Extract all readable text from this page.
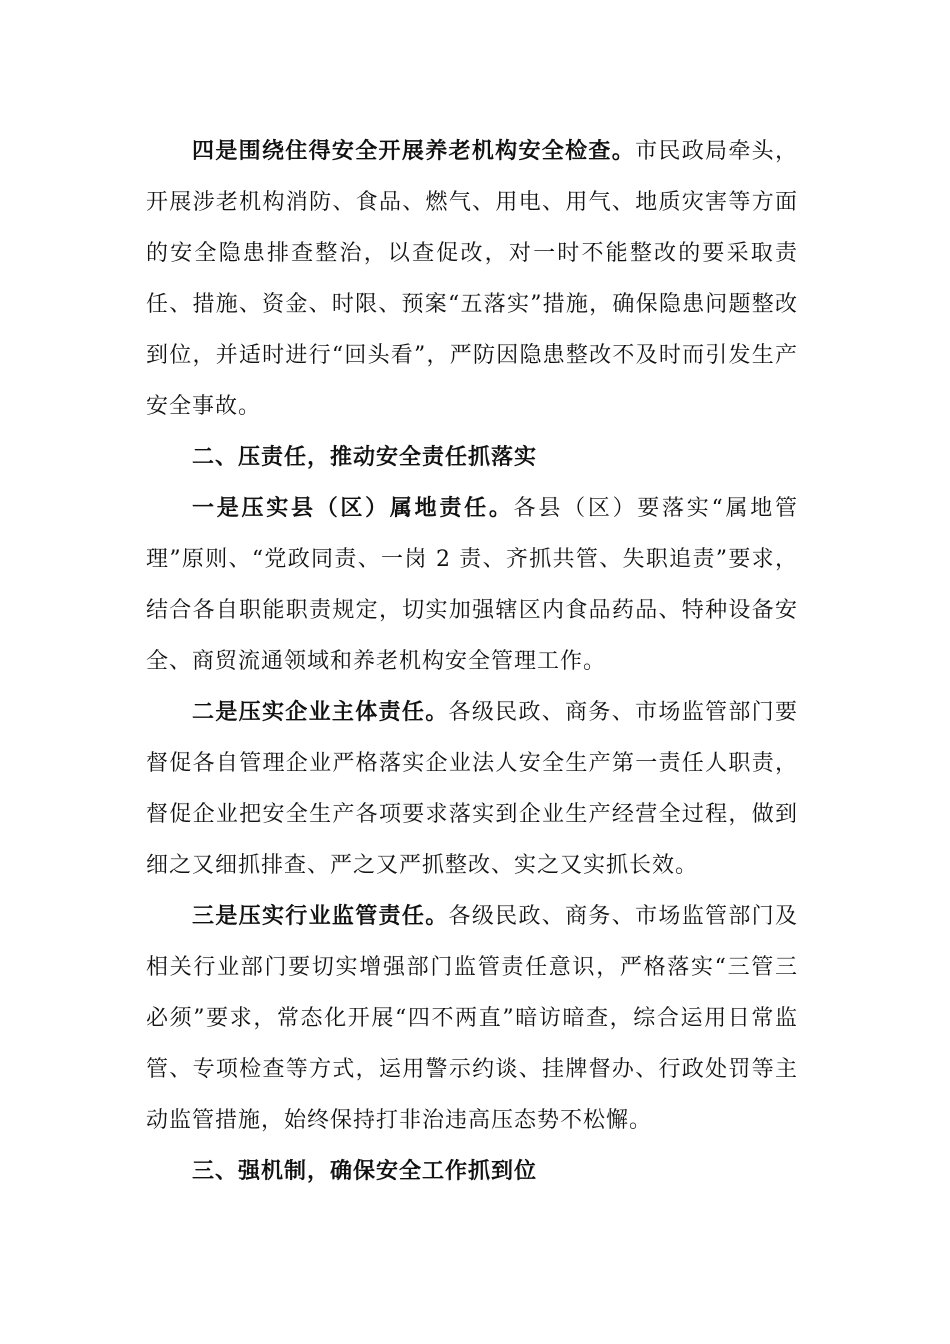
四是围绕住得安全开展养老机构安全检查。市民政局牵头，开展涉老机构消防、食品、燃气、用电、用气、地质灾害等方面的安全隐患排查整治，以查促改，对一时不能整改的要采取责任、措施、资金、时限、预案“五落实”措施，确保隐患问题整改到位，并适时进行“回头看”，严防因隐患整改不及时而引发生产安全事故。

二、压责任，推动安全责任抓落实

一是压实县（区）属地责任。各县（区）要落实“属地管理”原则、“党政同责、一岗 2 责、齐抓共管、失职追责”要求，结合各自职能职责规定，切实加强辖区内食品药品、特种设备安全、商贸流通领域和养老机构安全管理工作。

二是压实企业主体责任。各级民政、商务、市场监管部门要督促各自管理企业严格落实企业法人安全生产第一责任人职责，督促企业把安全生产各项要求落实到企业生产经营全过程，做到细之又细抓排查、严之又严抓整改、实之又实抓长效。

三是压实行业监管责任。各级民政、商务、市场监管部门及相关行业部门要切实增强部门监管责任意识，严格落实“三管三必须”要求，常态化开展“四不两直”暗访暗查，综合运用日常监管、专项检查等方式，运用警示约谈、挂牌督办、行政处罚等主动监管措施，始终保持打非治违高压态势不松懈。

三、强机制，确保安全工作抓到位
